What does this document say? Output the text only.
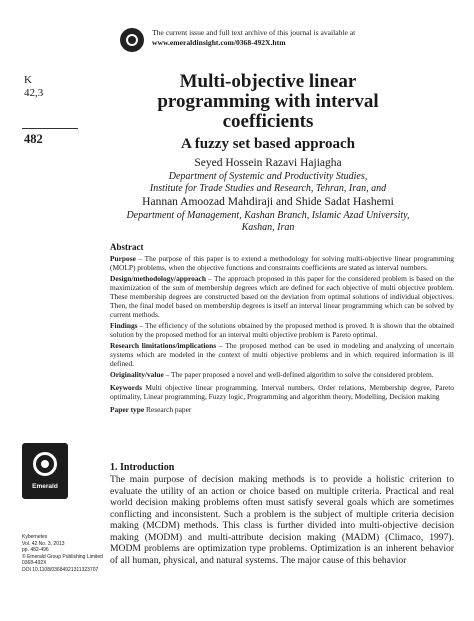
The current issue and full text archive of this journal is available at
www.emeraldinsight.com/0368-492X.htm
K
42,3
482
Multi-objective linear
programming with interval
coefficients
A fuzzy set based approach
Seyed Hossein Razavi Hajiagha
Department of Systemic and Productivity Studies,
Institute for Trade Studies and Research, Tehran, Iran, and
Hannan Amoozad Mahdiraji and Shide Sadat Hashemi
Department of Management, Kashan Branch, Islamic Azad University,
Kashan, Iran
Abstract

Purpose – The purpose of this paper is to extend a methodology for solving multi-objective linear programming (MOLP) problems, when the objective functions and constraints coefficients are stated as interval numbers.

Design/methodology/approach – The approach proposed in this paper for the considered problem is based on the maximization of the sum of membership degrees which are defined for each objective of multi objective problem. These membership degrees are constructed based on the deviation from optimal solutions of individual objectives. Then, the final model based on membership degrees is itself an interval linear programming which can be solved by current methods.

Findings – The efficiency of the solutions obtained by the proposed method is proved. It is shown that the obtained solution by the proposed method for an interval multi objective problem is Pareto optimal.

Research limitations/implications – The proposed method can be used in modeling and analyzing of uncertain systems which are modeled in the context of multi objective problems and in which required information is ill defined.

Originality/value – The paper proposed a novel and well-defined algorithm to solve the considered problem.

Keywords Multi objective linear programming, Interval numbers, Order relations, Membership degree, Pareto optimality, Linear programming, Fuzzy logic, Programming and algorithm theory, Modelling, Decision making

Paper type Research paper

Emerald
Kybernetes
Vol. 42 No. 3, 2013
pp. 482-496
© Emerald Group Publishing Limited
0368-492X
DOI 10.1108/03684921311323707
1. Introduction
The main purpose of decision making methods is to provide a holistic criterion to evaluate the utility of an action or choice based on multiple criteria. Practical and real world decision making problems often must satisfy several goals which are sometimes conflicting and inconsistent. Such a problem is the subject of multiple criteria decision making (MCDM) methods. This class is further divided into multi-objective decision making (MODM) and multi-attribute decision making (MADM) (Climaco, 1997). MODM problems are optimization type problems. Optimization is an inherent behavior of all human, physical, and natural systems. The major cause of this behavior
